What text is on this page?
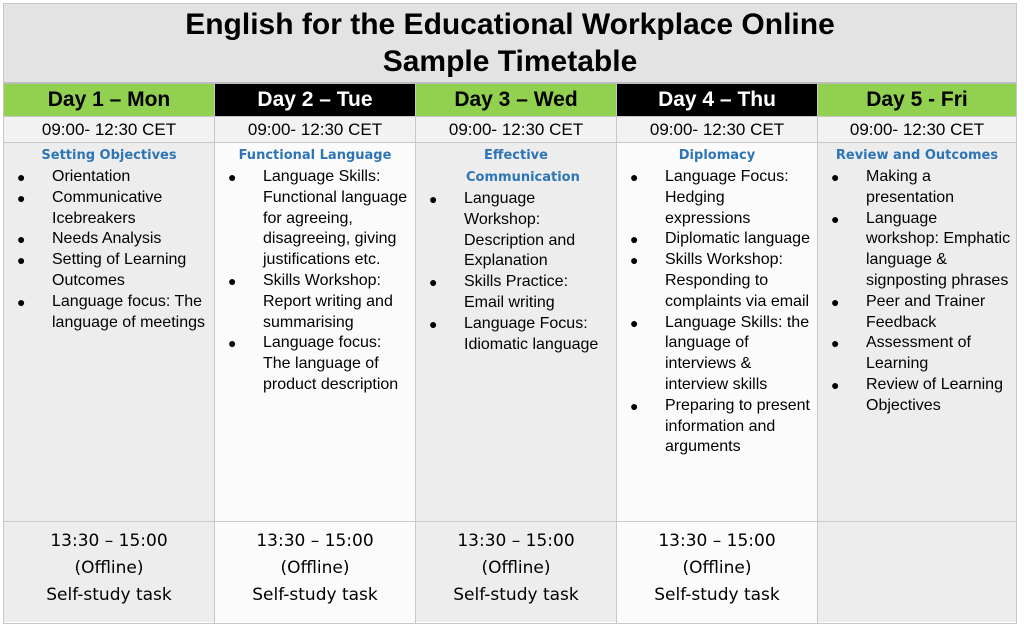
English for the Educational Workplace Online
Sample Timetable
Day 1 – Mon
09:00- 12:30 CET
Setting Objectives
● Orientation
● Communicative Icebreakers
● Needs Analysis
● Setting of Learning Outcomes
● Language focus: The language of meetings
13:30 – 15:00
(Offline)
Self-study task
Day 2 – Tue
09:00- 12:30 CET
Functional Language
● Language Skills: Functional language for agreeing, disagreeing, giving justifications etc.
● Skills Workshop: Report writing and summarising
● Language focus: The language of product description
13:30 – 15:00
(Offline)
Self-study task
Day 3 – Wed
09:00- 12:30 CET
Effective Communication
● Language Workshop: Description and Explanation
● Skills Practice: Email writing
● Language Focus: Idiomatic language
13:30 – 15:00
(Offline)
Self-study task
Day 4 – Thu
09:00- 12:30 CET
Diplomacy
● Language Focus: Hedging expressions
● Diplomatic language
● Skills Workshop: Responding to complaints via email
● Language Skills: the language of interviews & interview skills
● Preparing to present information and arguments
13:30 – 15:00
(Offline)
Self-study task
Day 5 - Fri
09:00- 12:30 CET
Review and Outcomes
● Making a presentation
● Language workshop: Emphatic language & signposting phrases
● Peer and Trainer Feedback
● Assessment of Learning
● Review of Learning Objectives
